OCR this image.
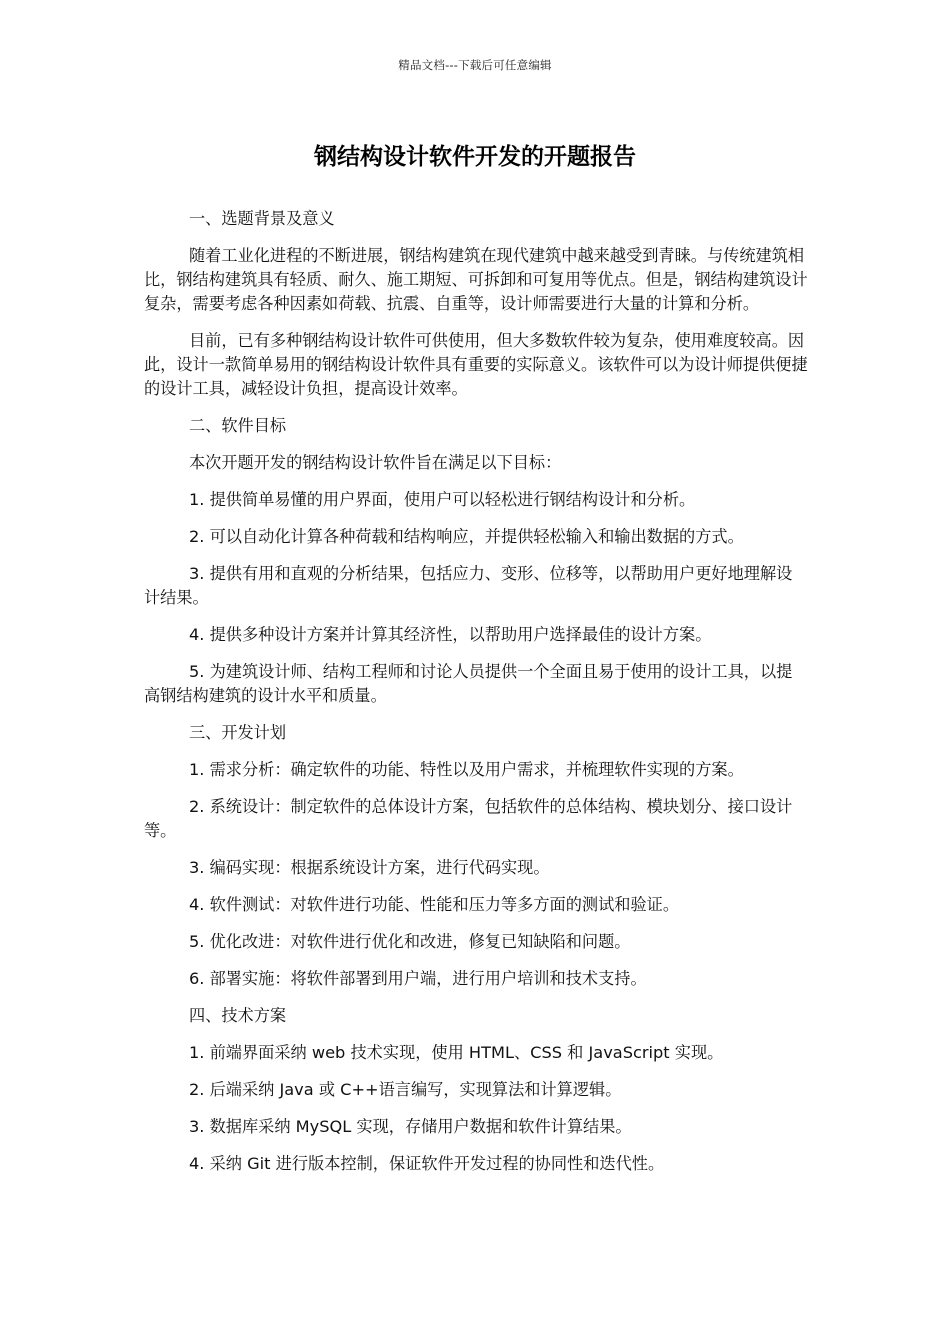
精品文档---下载后可任意编辑
钢结构设计软件开发的开题报告

一、选题背景及意义

随着工业化进程的不断进展，钢结构建筑在现代建筑中越来越受到青睐。与传统建筑相比，钢结构建筑具有轻质、耐久、施工期短、可拆卸和可复用等优点。但是，钢结构建筑设计复杂，需要考虑各种因素如荷载、抗震、自重等，设计师需要进行大量的计算和分析。

目前，已有多种钢结构设计软件可供使用，但大多数软件较为复杂，使用难度较高。因此，设计一款简单易用的钢结构设计软件具有重要的实际意义。该软件可以为设计师提供便捷的设计工具，减轻设计负担，提高设计效率。

二、软件目标

本次开题开发的钢结构设计软件旨在满足以下目标：

1. 提供简单易懂的用户界面，使用户可以轻松进行钢结构设计和分析。

2. 可以自动化计算各种荷载和结构响应，并提供轻松输入和输出数据的方式。

3. 提供有用和直观的分析结果，包括应力、变形、位移等，以帮助用户更好地理解设计结果。

4. 提供多种设计方案并计算其经济性，以帮助用户选择最佳的设计方案。

5. 为建筑设计师、结构工程师和讨论人员提供一个全面且易于使用的设计工具，以提高钢结构建筑的设计水平和质量。

三、开发计划

1. 需求分析：确定软件的功能、特性以及用户需求，并梳理软件实现的方案。

2. 系统设计：制定软件的总体设计方案，包括软件的总体结构、模块划分、接口设计等。

3. 编码实现：根据系统设计方案，进行代码实现。

4. 软件测试：对软件进行功能、性能和压力等多方面的测试和验证。

5. 优化改进：对软件进行优化和改进，修复已知缺陷和问题。

6. 部署实施：将软件部署到用户端，进行用户培训和技术支持。

四、技术方案

1. 前端界面采纳 web 技术实现，使用 HTML、CSS 和 JavaScript 实现。

2. 后端采纳 Java 或 C++语言编写，实现算法和计算逻辑。

3. 数据库采纳 MySQL 实现，存储用户数据和软件计算结果。

4. 采纳 Git 进行版本控制，保证软件开发过程的协同性和迭代性。
